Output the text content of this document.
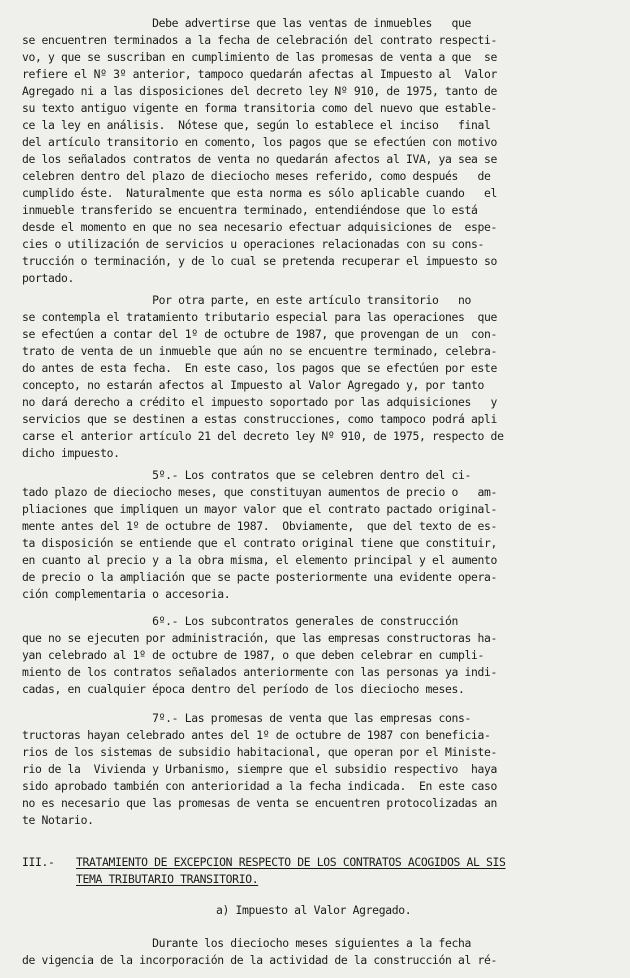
Debe advertirse que las ventas de inmuebles   que
se encuentren terminados a la fecha de celebración del contrato respecti-
vo, y que se suscriban en cumplimiento de las promesas de venta a que  se
refiere el Nº 3º anterior, tampoco quedarán afectas al Impuesto al  Valor
Agregado ni a las disposiciones del decreto ley Nº 910, de 1975, tanto de
su texto antiguo vigente en forma transitoria como del nuevo que estable-
ce la ley en análisis.  Nótese que, según lo establece el inciso   final
del artículo transitorio en comento, los pagos que se efectúen con motivo
de los señalados contratos de venta no quedarán afectos al IVA, ya sea se
celebren dentro del plazo de dieciocho meses referido, como después   de
cumplido éste.  Naturalmente que esta norma es sólo aplicable cuando   el
inmueble transferido se encuentra terminado, entendiéndose que lo está
desde el momento en que no sea necesario efectuar adquisiciones de  espe-
cies o utilización de servicios u operaciones relacionadas con su cons-
trucción o terminación, y de lo cual se pretenda recuperar el impuesto so
portado.
Por otra parte, en este artículo transitorio   no
se contempla el tratamiento tributario especial para las operaciones  que
se efectúen a contar del 1º de octubre de 1987, que provengan de un  con-
trato de venta de un inmueble que aún no se encuentre terminado, celebra-
do antes de esta fecha.  En este caso, los pagos que se efectúen por este
concepto, no estarán afectos al Impuesto al Valor Agregado y, por tanto
no dará derecho a crédito el impuesto soportado por las adquisiciones   y
servicios que se destinen a estas construcciones, como tampoco podrá apli
carse el anterior artículo 21 del decreto ley Nº 910, de 1975, respecto de
dicho impuesto.
5º.- Los contratos que se celebren dentro del ci-
tado plazo de dieciocho meses, que constituyan aumentos de precio o   am-
pliaciones que impliquen un mayor valor que el contrato pactado original-
mente antes del 1º de octubre de 1987.  Obviamente,  que del texto de es-
ta disposición se entiende que el contrato original tiene que constituir,
en cuanto al precio y a la obra misma, el elemento principal y el aumento
de precio o la ampliación que se pacte posteriormente una evidente opera-
ción complementaria o accesoria.
6º.- Los subcontratos generales de construcción
que no se ejecuten por administración, que las empresas constructoras ha-
yan celebrado al 1º de octubre de 1987, o que deben celebrar en cumpli-
miento de los contratos señalados anteriormente con las personas ya indi-
cadas, en cualquier época dentro del período de los dieciocho meses.
7º.- Las promesas de venta que las empresas cons-
tructoras hayan celebrado antes del 1º de octubre de 1987 con beneficia-
rios de los sistemas de subsidio habitacional, que operan por el Ministe-
rio de la  Vivienda y Urbanismo, siempre que el subsidio respectivo  haya
sido aprobado también con anterioridad a la fecha indicada.  En este caso
no es necesario que las promesas de venta se encuentren protocolizadas an
te Notario.
III.- TRATAMIENTO DE EXCEPCION RESPECTO DE LOS CONTRATOS ACOGIDOS AL SIS
TEMA TRIBUTARIO TRANSITORIO.
a) Impuesto al Valor Agregado.
Durante los dieciocho meses siguientes a la fecha
de vigencia de la incorporación de la actividad de la construcción al ré-
